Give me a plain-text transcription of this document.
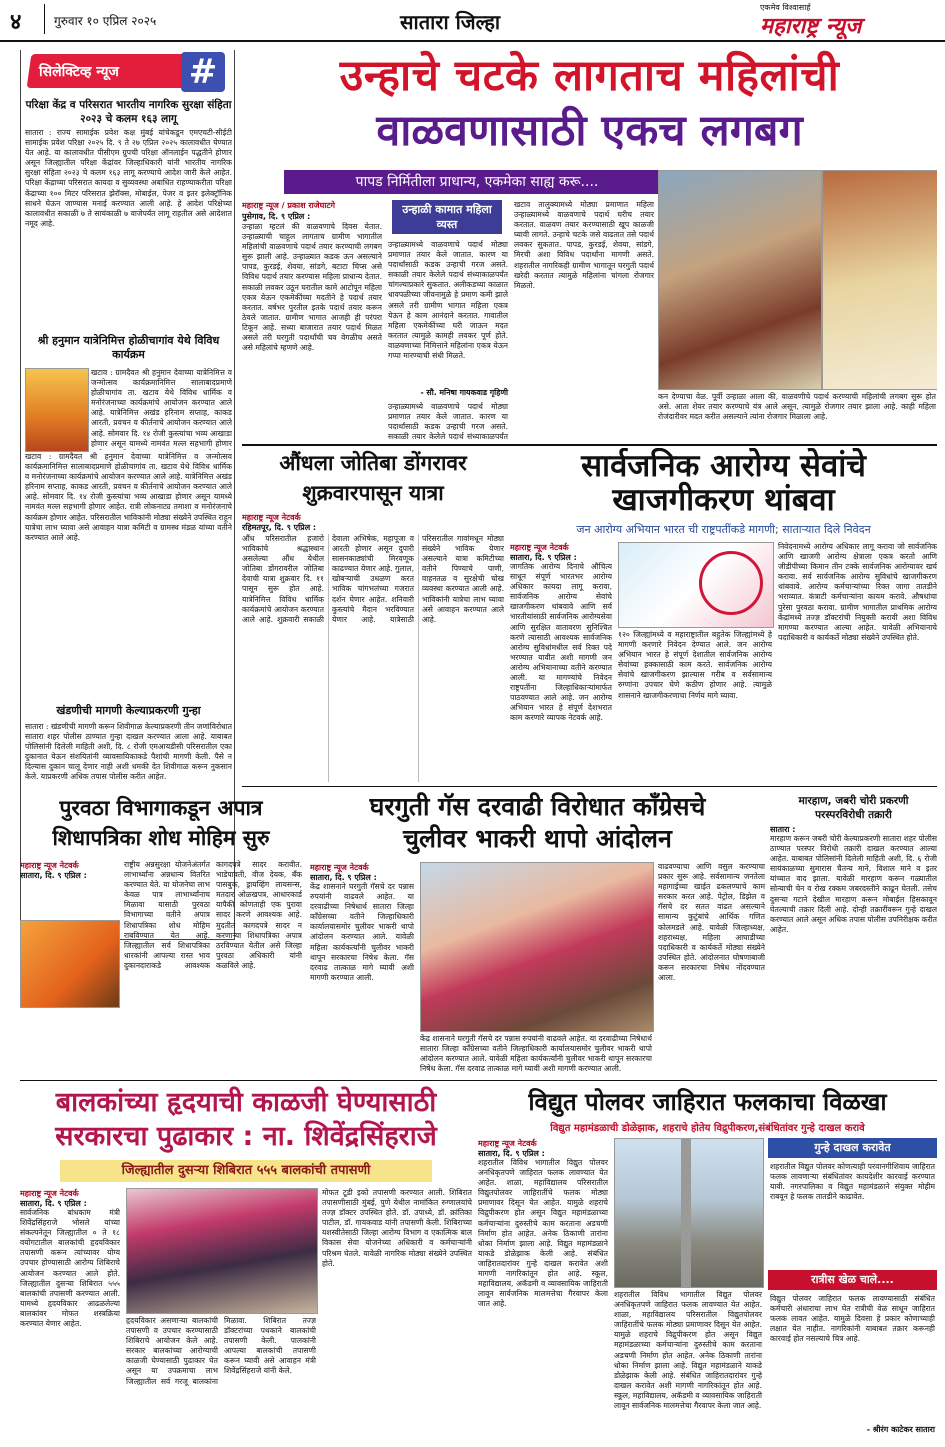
४	गुरुवार १० एप्रिल २०२५	सातारा जिल्हा
एकमेव विश्वासार्ह
महाराष्ट्र न्यूज
सिलेक्टिव्ह न्यूज #
परिक्षा केंद्र व परिसरात भारतीय नागरिक सुरक्षा संहिता २०२३ चे कलम १६३ लागू
सातारा : राज्य सामाईक प्रवेश कक्ष मुंबई यांचेकडून एमएचटी-सीईटी सामाईक प्रवेश परिक्षा २०२५ दि. ९ ते २७ एप्रिल २०२५ कालावधीत घेण्यात येत आहे. या कालावधीत पीसीएम ग्रुपची परिक्षा ऑनलाईन पद्धतीने होणार असून जिल्ह्यातील परिक्षा केंद्रांवर जिल्हाधिकारी यांनी भारतीय नागरिक सुरक्षा संहिता २०२३ चे कलम १६३ लागू करण्याचे आदेश जारी केले आहेत. परिक्षा केंद्राच्या परिसरात कायदा व सुव्यवस्था अबाधित राहण्याकरीता परिक्षा केंद्राच्या १०० मिटर परिसरात झेरॉक्स, मोबाईल, पेजर व इतर इलेक्ट्रॉनिक साधने घेऊन जाण्यास मनाई करण्यात आली आहे. हे आदेश परिक्षेच्या कालावधीत सकाळी ७ ते सायंकाळी ७ वाजेपर्यंत लागू राहतील असे आदेशात नमूद आहे.
श्री हनुमान यात्रेनिमित्त होळीचागांव येथे विविध कार्यक्रम
खटाव : ग्रामदैवत श्री हनुमान देवाच्या यात्रेनिमित्त व जन्मोत्सव कार्यक्रमानिमित्त सालाबादप्रमाणे होळीचागांव ता. खटाव येथे विविध धार्मिक व मनोरंजनाच्या कार्यक्रमांचे आयोजन करण्यात आले आहे. यात्रेनिमित्त अखंड हरिनाम सप्ताह, काकड आरती, प्रवचन व कीर्तनाचे आयोजन करण्यात आले आहे. सोमवार दि. १४ रोजी कुस्त्यांचा भव्य आखाडा होणार असून यामध्ये नामवंत मल्ल सहभागी होणार
खटाव : ग्रामदैवत श्री हनुमान देवाच्या यात्रेनिमित्त व जन्मोत्सव कार्यक्रमानिमित्त सालाबादप्रमाणे होळीचागांव ता. खटाव येथे विविध धार्मिक व मनोरंजनाच्या कार्यक्रमांचे आयोजन करण्यात आले आहे. यात्रेनिमित्त अखंड हरिनाम सप्ताह, काकड आरती, प्रवचन व कीर्तनाचे आयोजन करण्यात आले आहे. सोमवार दि. १४ रोजी कुस्त्यांचा भव्य आखाडा होणार असून यामध्ये नामवंत मल्ल सहभागी होणार आहेत. रात्री लोकनाट्य तमाशा व मनोरंजनाचे कार्यक्रम होणार आहेत. परिसरातील भाविकांनी मोठ्या संख्येने उपस्थित राहून यात्रेचा लाभ घ्यावा असे आवाहन यात्रा कमिटी व ग्रामस्थ मंडळ यांच्या वतीने करण्यात आले आहे.
खंडणीची मागणी केल्याप्रकरणी गुन्हा
सातारा : खंडणीची मागणी करून शिवीगाळ केल्याप्रकरणी तीन जणांविरोधात सातारा शहर पोलीस ठाण्यात गुन्हा दाखल करण्यात आला आहे. याबाबत पोलिसांनी दिलेली माहिती अशी, दि. ८ रोजी एमआयडीसी परिसरातील एका दुकानात येऊन संशयितांनी व्यावसायिकाकडे पैशांची मागणी केली. पैसे न दिल्यास दुकान चालू देणार नाही अशी धमकी देत शिवीगाळ करून नुकसान केले. याप्रकरणी अधिक तपास पोलीस करीत आहेत.
उन्हाचे चटके लागताच महिलांची
वाळवणासाठी एकच लगबग
पापड निर्मितीला प्राधान्य, एकमेका साह्य करू....
महाराष्ट्र न्यूज / प्रकाश राजेघाटगे
पुसेगाव, दि. ९ एप्रिल :
उन्हाळा म्हटलं की वाळवणाचे दिवस येतात. उन्हाळ्याची चाहूल लागताच ग्रामीण भागातील महिलांची वाळवणाचे पदार्थ तयार करण्याची लगबग सुरू झाली आहे. उन्हाळ्यात कडक ऊन असल्याने पापड, कुरडई, शेवया, सांडगे, बटाटा चिप्स असे विविध पदार्थ तयार करण्यास महिला प्राधान्य देतात. सकाळी लवकर उठून घरातील कामे आटोपून महिला एकत्र येऊन एकमेकींच्या मदतीने हे पदार्थ तयार करतात. वर्षभर पुरतील इतके पदार्थ तयार करून ठेवले जातात. ग्रामीण भागात आजही ही परंपरा टिकून आहे. सध्या बाजारात तयार पदार्थ मिळत असले तरी घरगुती पदार्थांची चव वेगळीच असते असे महिलांचे म्हणणे आहे.
उन्हाळी कामात महिला व्यस्त
उन्हाळ्यामध्ये वाळवणाचे पदार्थ मोठ्या प्रमाणात तयार केले जातात. कारण या पदार्थांसाठी कडक उन्हाची गरज असते. सकाळी तयार केलेले पदार्थ संध्याकाळपर्यंत चांगल्याप्रकारे सुकतात. अलीकडच्या काळात धावपळीच्या जीवनामुळे हे प्रमाण कमी झाले असले तरी ग्रामीण भागात महिला एकत्र येऊन हे काम आनंदाने करतात. गावातील महिला एकमेकींच्या घरी जाऊन मदत करतात त्यामुळे कामही लवकर पूर्ण होते. वाळवणाच्या निमित्ताने महिलांना एकत्र येऊन गप्पा मारण्याची संधी मिळते.
- सौ. मनिषा गायकवाड गृहिणी
उन्हाळ्यामध्ये वाळवणाचे पदार्थ मोठ्या प्रमाणात तयार केले जातात. कारण या पदार्थांसाठी कडक उन्हाची गरज असते. सकाळी तयार केलेले पदार्थ संध्याकाळपर्यंत
खटाव तालुक्यामध्ये मोठ्या प्रमाणात महिला उन्हाळ्यामध्ये वाळवणाचे पदार्थ घरीच तयार करतात. वाळवण तयार करण्यासाठी खूप काळजी घ्यावी लागते. उन्हाचे चटके जसे वाढतात तसे पदार्थ लवकर सुकतात. पापड, कुरडई, शेवया, सांडगे, मिरची अशा विविध पदार्थांना मागणी असते. शहरातील नागरिकही ग्रामीण भागातून घरगुती पदार्थ खरेदी करतात त्यामुळे महिलांना चांगला रोजगार मिळतो.
कन देण्याचा वेळ. पूर्वी उन्हाळा आला की, वाळवणीचे पदार्थ करण्याची महिलांची लगबग सुरू होत असे. आता शेयर तयार करण्याचे यंत्र आले असून, त्यामुळे रोजगार तयार झाला आहे. काही महिला रोजंदारीवर मदत करीत असल्याने त्यांना रोजगार मिळाला आहे.
औंधला जोतिबा डोंगरावर
शुक्रवारपासून यात्रा
महाराष्ट्र न्यूज नेटवर्क
रहिमतपूर, दि. ९ एप्रिल :
औंध परिसरातील हजारो भाविकांचे श्रद्धास्थान असलेल्या औंध येथील जोतिबा डोंगरावरील जोतिबा देवाची यात्रा शुक्रवार दि. ११ पासून सुरू होत आहे. यात्रेनिमित्त विविध धार्मिक कार्यक्रमांचे आयोजन करण्यात आले आहे. शुक्रवारी सकाळी देवाला अभिषेक, महापूजा व आरती होणार असून दुपारी सासनकाठ्यांची मिरवणूक काढण्यात येणार आहे. गुलाल, खोबऱ्याची उधळण करत भाविक चांगभलंच्या गजरात दर्शन घेणार आहेत. शनिवारी कुस्त्यांचे मैदान भरविण्यात येणार आहे. यात्रेसाठी परिसरातील गावांमधून मोठ्या संख्येने भाविक येणार असल्याने यात्रा कमिटीच्या वतीने पिण्याचे पाणी, वाहनतळ व सुरक्षेची चोख व्यवस्था करण्यात आली आहे. भाविकांनी यात्रेचा लाभ घ्यावा असे आवाहन करण्यात आले आहे.
सार्वजनिक आरोग्य सेवांचे
खाजगीकरण थांबवा
जन आरोग्य अभियान भारत ची राष्ट्रपतींकडे मागणी; साताऱ्यात दिले निवेदन
महाराष्ट्र न्यूज नेटवर्क
सातारा, दि. ९ एप्रिल :
जागतिक आरोग्य दिनाचे औचित्य साधून संपूर्ण भारतभर आरोग्य अधिकार कायदा लागू करावा, सार्वजनिक आरोग्य सेवांचे खाजगीकरण थांबवावे आणि सर्व भारतीयांसाठी सार्वजनिक आरोग्यसेवा आणि सुरक्षित वातावरण सुनिश्चित करणे त्यासाठी आवश्यक सार्वजनिक आरोग्य सुविधांमधील सर्व रिक्त पदे भरण्यात यावीत अशी मागणी जन आरोग्य अभियानाच्या वतीने करण्यात आली. या मागण्यांचे निवेदन राष्ट्रपतींना जिल्हाधिकाऱ्यांमार्फत पाठवण्यात आले आहे. जन आरोग्य अभियान भारत हे संपूर्ण देशभरात काम करणारे व्यापक नेटवर्क आहे.
१२० जिल्ह्यांमध्ये व महाराष्ट्रातील बहुतेक जिल्ह्यांमध्ये हे मागणी करणारे निवेदन देण्यात आले. जन आरोग्य अभियान भारत हे संपूर्ण देशातील सार्वजनिक आरोग्य सेवांच्या हक्कासाठी काम करते. सार्वजनिक आरोग्य सेवांचे खाजगीकरण झाल्यास गरीब व सर्वसामान्य रुग्णांना उपचार घेणे कठीण होणार आहे. त्यामुळे शासनाने खाजगीकरणाचा निर्णय मागे घ्यावा.
निवेदनामध्ये आरोग्य अधिकार लागू करावा जो सार्वजनिक आणि खाजगी आरोग्य क्षेत्राला एकत्र करतो आणि जीडीपीच्या किमान तीन टक्के सार्वजनिक आरोग्यावर खर्च करावा. सर्व सार्वजनिक आरोग्य सुविधांचे खाजगीकरण थांबवावे. आरोग्य कर्मचाऱ्यांच्या रिक्त जागा तातडीने भराव्यात. कंत्राटी कर्मचाऱ्यांना कायम करावे. औषधांचा पुरेसा पुरवठा करावा. ग्रामीण भागातील प्राथमिक आरोग्य केंद्रांमध्ये तज्ज्ञ डॉक्टरांची नियुक्ती करावी अशा विविध मागण्या करण्यात आल्या आहेत. यावेळी अभियानाचे पदाधिकारी व कार्यकर्ते मोठ्या संख्येने उपस्थित होते.
पुरवठा विभागाकडून अपात्र
शिधापत्रिका शोध मोहिम सुरु
महाराष्ट्र न्यूज नेटवर्क
सातारा, दि. ९ एप्रिल :
राष्ट्रीय अन्नसुरक्षा योजनेअंतर्गत लाभार्थ्यांना अन्नधान्य वितरित करण्यात येते. या योजनेचा लाभ केवळ पात्र लाभार्थ्यांनाच मिळावा यासाठी पुरवठा विभागाच्या वतीने अपात्र शिधापत्रिका शोध मोहिम राबविण्यात येत आहे. जिल्ह्यातील सर्व शिधापत्रिका धारकांनी आपल्या रास्त भाव दुकानदाराकडे आवश्यक कागदपत्रे सादर करावीत. भाडेपावती, वीज देयक, बँक पासबुक, ड्रायव्हिंग लायसन्स, मतदार ओळखपत्र, आधारकार्ड यापैकी कोणताही एक पुरावा सादर करणे आवश्यक आहे. मुदतीत कागदपत्रे सादर न करणाऱ्या शिधापत्रिका अपात्र ठरविण्यात येतील असे जिल्हा पुरवठा अधिकारी यांनी कळविले आहे.
घरगुती गॅस दरवाढी विरोधात काँग्रेसचे
चुलीवर भाकरी थापो आंदोलन
महाराष्ट्र न्यूज नेटवर्क
सातारा, दि. ९ एप्रिल :
केंद्र शासनाने घरगुती गॅसचे दर पन्नास रुपयांनी वाढवले आहेत. या दरवाढीच्या निषेधार्थ सातारा जिल्हा काँग्रेसच्या वतीने जिल्हाधिकारी कार्यालयासमोर चुलीवर भाकरी थापो आंदोलन करण्यात आले. यावेळी महिला कार्यकर्त्यांनी चुलीवर भाकरी थापून सरकारचा निषेध केला. गॅस दरवाढ तात्काळ मागे घ्यावी अशी मागणी करण्यात आली.
केंद्र शासनाने घरगुती गॅसचे दर पन्नास रुपयांनी वाढवले आहेत. या दरवाढीच्या निषेधार्थ सातारा जिल्हा काँग्रेसच्या वतीने जिल्हाधिकारी कार्यालयासमोर चुलीवर भाकरी थापो आंदोलन करण्यात आले. यावेळी महिला कार्यकर्त्यांनी चुलीवर भाकरी थापून सरकारचा निषेध केला. गॅस दरवाढ तात्काळ मागे घ्यावी अशी मागणी करण्यात आली.
वाढवण्याचा आणि वसुल करण्याचा प्रकार सुरू आहे. सर्वसामान्य जनतेला महागाईच्या खाईत ढकलण्याचे काम सरकार करत आहे. पेट्रोल, डिझेल व गॅसचे दर सतत वाढत असल्याने सामान्य कुटुंबांचे आर्थिक गणित कोलमडले आहे. यावेळी जिल्हाध्यक्ष, शहराध्यक्ष, महिला आघाडीच्या पदाधिकारी व कार्यकर्ते मोठ्या संख्येने उपस्थित होते. आंदोलनात घोषणाबाजी करून सरकारचा निषेध नोंदवण्यात आला.
मारहाण, जबरी चोरी प्रकरणी
परस्परविरोधी तक्रारी
सातारा :
मारहाण करून जबरी चोरी केल्याप्रकरणी सातारा शहर पोलीस ठाण्यात परस्पर विरोधी तक्रारी दाखल करण्यात आल्या आहेत. याबाबत पोलिसांनी दिलेली माहिती अशी, दि. ६ रोजी सायंकाळच्या सुमारास चैतन्य माने, विशाल माने व इतर यांच्यात वाद झाला. यावेळी मारहाण करून गळ्यातील सोन्याची चेन व रोख रक्कम जबरदस्तीने काढून घेतली. तसेच दुसऱ्या गटाने देखील मारहाण करून मोबाईल हिसकावून घेतल्याची तक्रार दिली आहे. दोन्ही तक्रारींवरून गुन्हे दाखल करण्यात आले असून अधिक तपास पोलीस उपनिरीक्षक करीत आहेत.
बालकांच्या हृदयाची काळजी घेण्यासाठी
सरकारचा पुढाकार : ना. शिवेंद्रसिंहराजे
जिल्ह्यातील दुसऱ्या शिबिरात ५५५ बालकांची तपासणी
महाराष्ट्र न्यूज नेटवर्क
सातारा, दि. ९ एप्रिल :
सार्वजनिक बांधकाम मंत्री शिवेंद्रसिंहराजे भोसले यांच्या संकल्पनेतून जिल्ह्यातील ० ते १८ वयोगटातील बालकांची हृदयविकार तपासणी करून त्यांच्यावर योग्य उपचार होण्यासाठी आरोग्य शिबिराचे आयोजन करण्यात आले होते. जिल्ह्यातील दुसऱ्या शिबिरात ५५५ बालकांची तपासणी करण्यात आली. यामध्ये हृदयविकार आढळलेल्या बालकांवर मोफत शस्त्रक्रिया करण्यात येणार आहेत.	हृदयविकार असणाऱ्या बालकांची तपासणी व उपचार करण्यासाठी शिबिराचे आयोजन केले आहे. सरकार बालकांच्या आरोग्याची काळजी घेण्यासाठी पुढाकार घेत असून या उपक्रमाचा लाभ जिल्ह्यातील सर्व गरजू बालकांना मिळावा. शिबिरात तज्ज्ञ डॉक्टरांच्या पथकाने बालकांची तपासणी केली. पालकांनी आपल्या बालकांची तपासणी करून घ्यावी असे आवाहन मंत्री शिवेंद्रसिंहराजे यांनी केले.
मोफत टूडी इको तपासणी करण्यात आली. शिबिरात तपासणीसाठी मुंबई, पुणे येथील नामांकित रुग्णालयांचे तज्ज्ञ डॉक्टर उपस्थित होते. डॉ. उपाध्ये, डॉ. क्रांतिका पाटील, डॉ. गायकवाड यांनी तपासणी केली. शिबिराच्या यशस्वीतेसाठी जिल्हा आरोग्य विभाग व एकात्मिक बाल विकास सेवा योजनेच्या अधिकारी व कर्मचाऱ्यांनी परिश्रम घेतले. यावेळी नागरिक मोठ्या संख्येने उपस्थित होते.
विद्युत पोलवर जाहिरात फलकाचा विळखा
विद्युत महामंडळाची डोळेझाक, शहराचे होतेय विद्रुपीकरण,संबंधितांवर गुन्हे दाखल करावे
महाराष्ट्र न्यूज नेटवर्क
सातारा, दि. ९ एप्रिल :
शहरातील विविध भागातील विद्युत पोलवर अनधिकृतपणे जाहिरात फलक लावण्यात येत आहेत. शाळा, महाविद्यालय परिसरातील विद्युतपोलवर जाहिरातींचे फलक मोठ्या प्रमाणावर दिसून येत आहेत. यामुळे शहराचे विद्रुपीकरण होत असून विद्युत महामंडळाच्या कर्मचाऱ्यांना दुरुस्तीचे काम करताना अडचणी निर्माण होत आहेत. अनेक ठिकाणी तारांना धोका निर्माण झाला आहे. विद्युत महामंडळाने याकडे डोळेझाक केली आहे. संबंधित जाहिरातदारांवर गुन्हे दाखल करावेत अशी मागणी नागरिकांतून होत आहे. स्कूल, महाविद्यालय, अकॅडमी व व्यावसायिक जाहिराती लावून सार्वजनिक मालमत्तेचा गैरवापर केला जात आहे.
शहरातील विविध भागातील विद्युत पोलवर अनधिकृतपणे जाहिरात फलक लावण्यात येत आहेत. शाळा, महाविद्यालय परिसरातील विद्युतपोलवर जाहिरातींचे फलक मोठ्या प्रमाणावर दिसून येत आहेत. यामुळे शहराचे विद्रुपीकरण होत असून विद्युत महामंडळाच्या कर्मचाऱ्यांना दुरुस्तीचे काम करताना अडचणी निर्माण होत आहेत. अनेक ठिकाणी तारांना धोका निर्माण झाला आहे. विद्युत महामंडळाने याकडे डोळेझाक केली आहे. संबंधित जाहिरातदारांवर गुन्हे दाखल करावेत अशी मागणी नागरिकांतून होत आहे. स्कूल, महाविद्यालय, अकॅडमी व व्यावसायिक जाहिराती लावून सार्वजनिक मालमत्तेचा गैरवापर केला जात आहे.
गुन्हे दाखल करावेत
शहरातील विद्युत पोलवर कोणत्याही परवानगीशिवाय जाहिरात फलक लावणाऱ्या संबंधितांवर कायदेशीर कारवाई करण्यात यावी. नगरपालिका व विद्युत महामंडळाने संयुक्त मोहीम राबवून हे फलक तातडीने काढावेत.
रात्रीस खेळ चाले....
विद्युत पोलवर जाहिरात फलक लावण्यासाठी संबंधित कर्मचारी अंधाराचा लाभ घेत रात्रीची वेळ साधून जाहिरात फलक लावत आहेत. यामुळे दिवसा हे प्रकार कोणाच्याही लक्षात येत नाहीत. नागरिकांनी याबाबत तक्रार करूनही कारवाई होत नसल्याचे चित्र आहे.
- श्रीरंग काटेकर सातारा
